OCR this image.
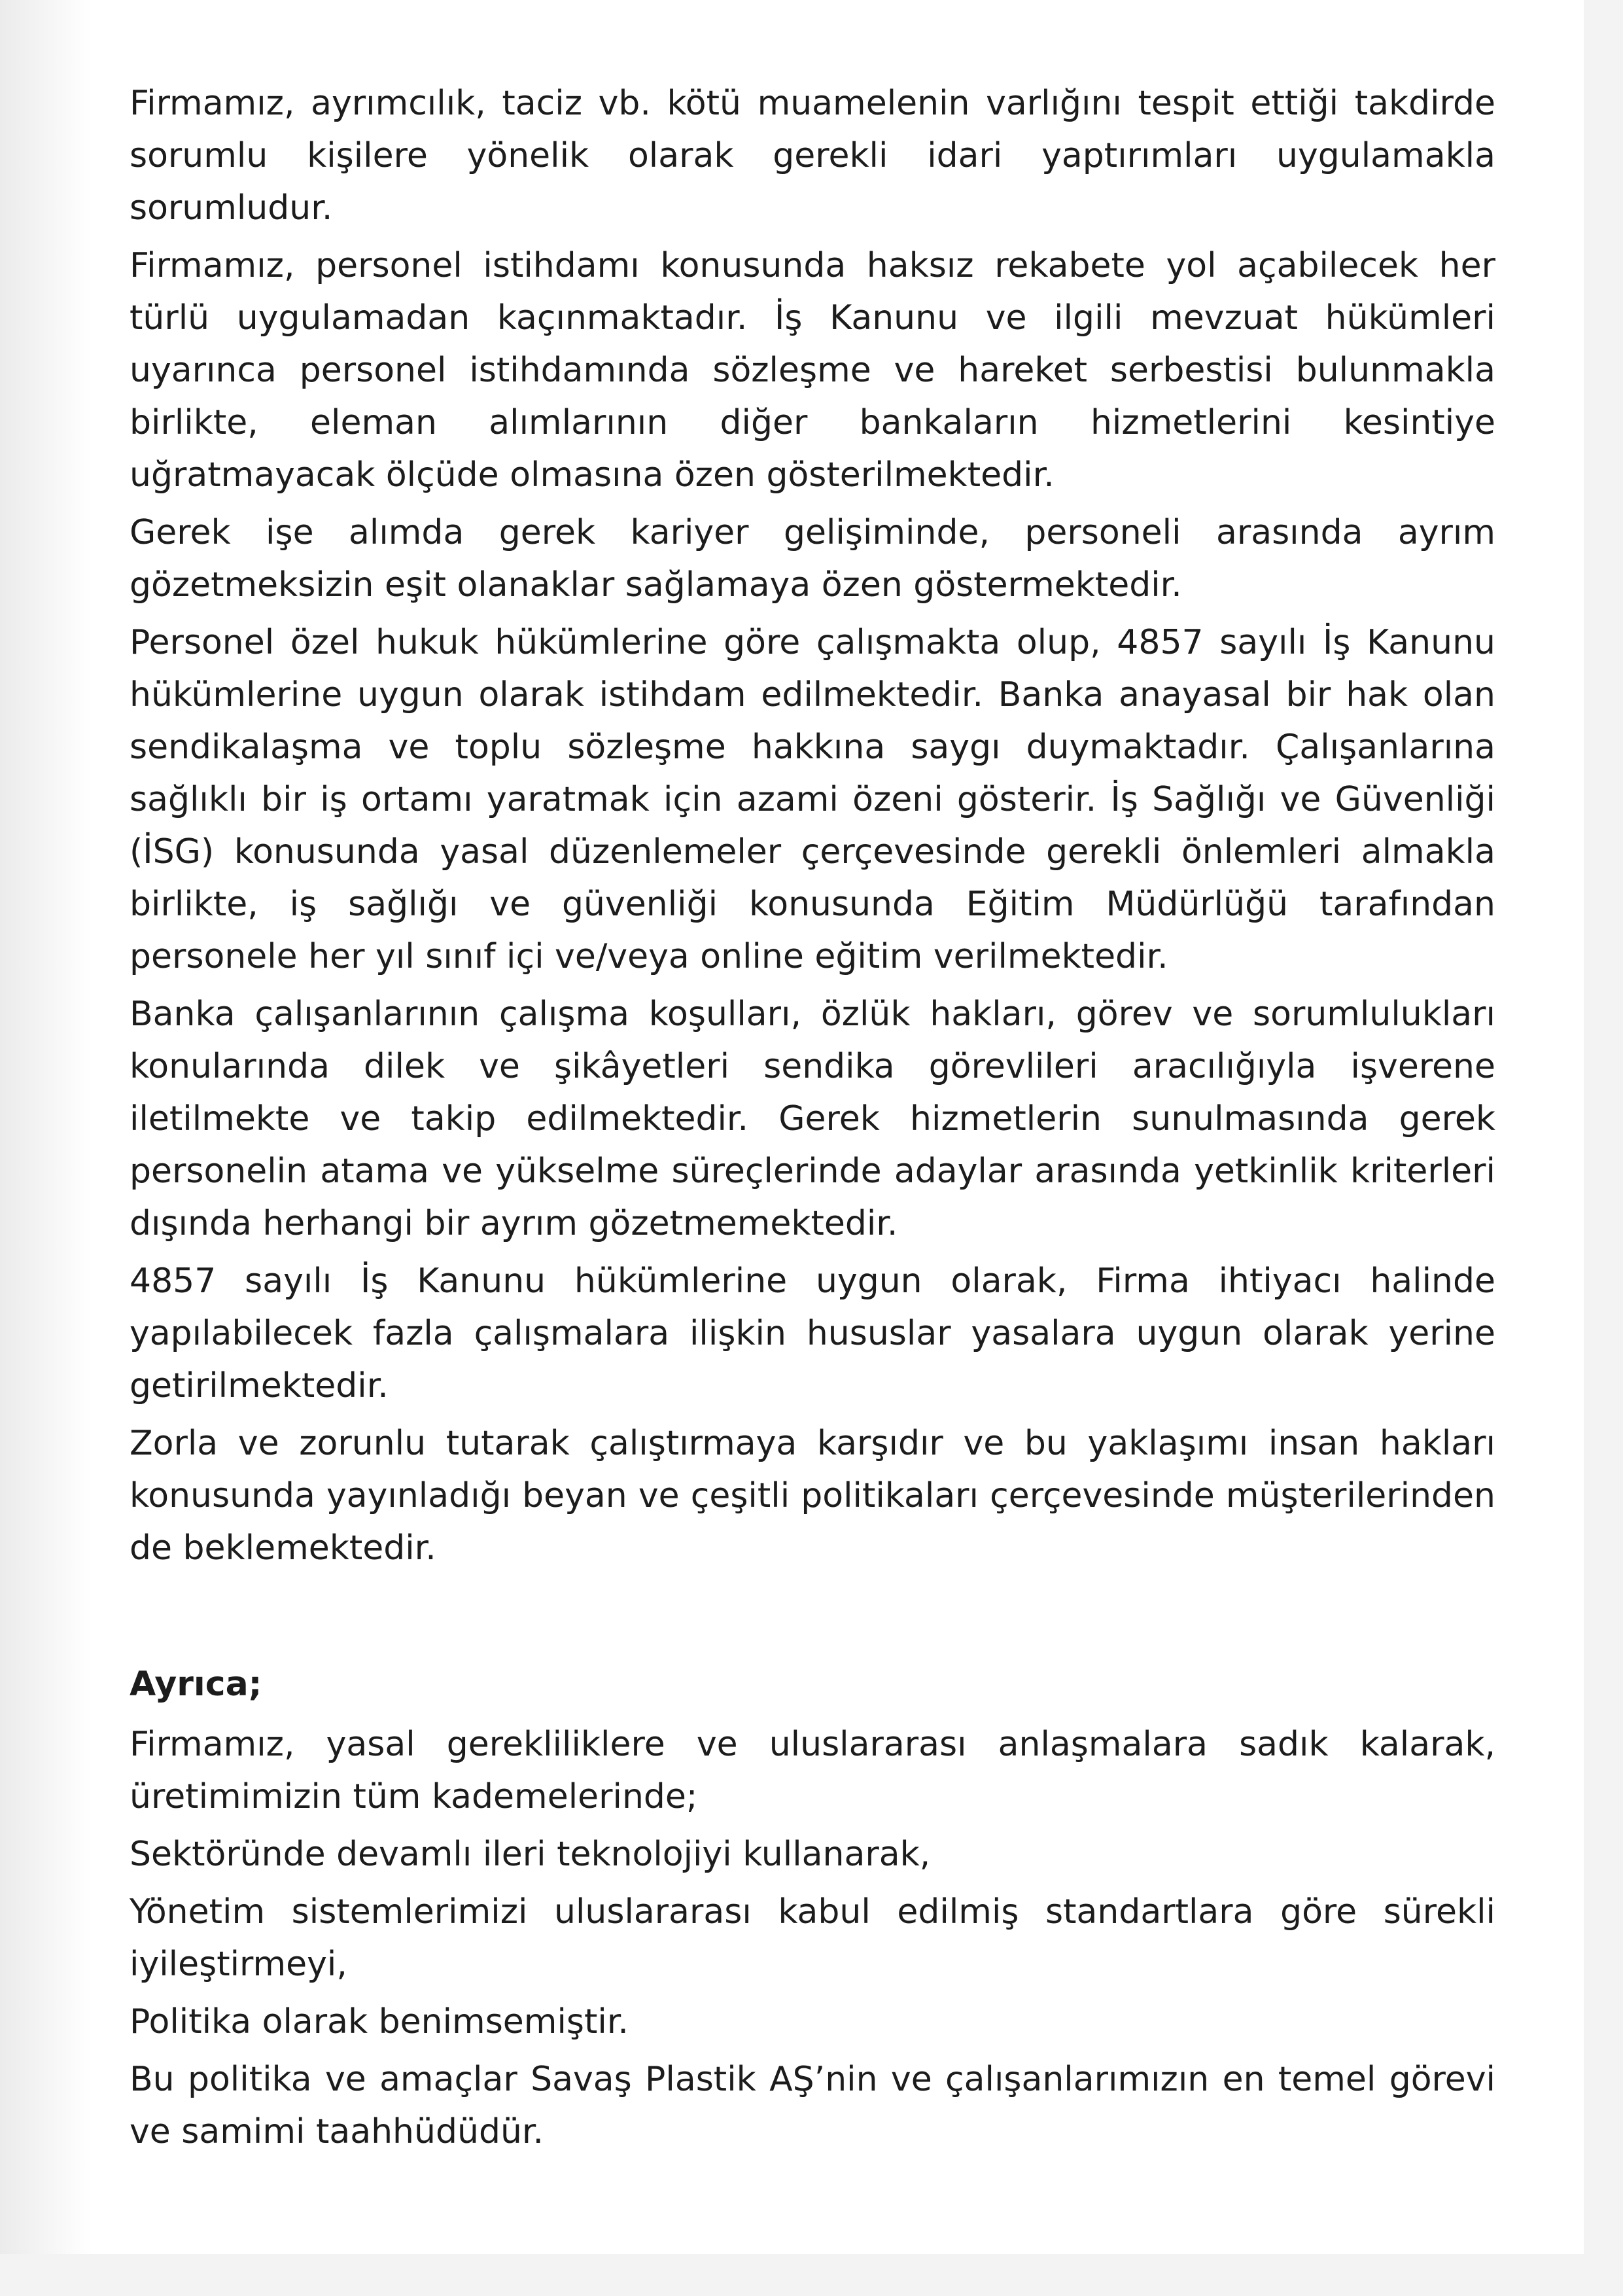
Firmamız, ayrımcılık, taciz vb. kötü muamelenin varlığını tespit ettiği takdirde sorumlu kişilere yönelik olarak gerekli idari yaptırımları uygulamakla sorumludur.

Firmamız, personel istihdamı konusunda haksız rekabete yol açabilecek her türlü uygulamadan kaçınmaktadır. İş Kanunu ve ilgili mevzuat hükümleri uyarınca personel istihdamında sözleşme ve hareket serbestisi bulunmakla birlikte, eleman alımlarının diğer bankaların hizmetlerini kesintiye uğratmayacak ölçüde olmasına özen gösterilmektedir.

Gerek işe alımda gerek kariyer gelişiminde, personeli arasında ayrım gözetmeksizin eşit olanaklar sağlamaya özen göstermektedir.

Personel özel hukuk hükümlerine göre çalışmakta olup, 4857 sayılı İş Kanunu hükümlerine uygun olarak istihdam edilmektedir. Banka anayasal bir hak olan sendikalaşma ve toplu sözleşme hakkına saygı duymaktadır. Çalışanlarına sağlıklı bir iş ortamı yaratmak için azami özeni gösterir. İş Sağlığı ve Güvenliği (İSG) konusunda yasal düzenlemeler çerçevesinde gerekli önlemleri almakla birlikte, iş sağlığı ve güvenliği konusunda Eğitim Müdürlüğü tarafından personele her yıl sınıf içi ve/veya online eğitim verilmektedir.

Banka çalışanlarının çalışma koşulları, özlük hakları, görev ve sorumlulukları konularında dilek ve şikâyetleri sendika görevlileri aracılığıyla işverene iletilmekte ve takip edilmektedir. Gerek hizmetlerin sunulmasında gerek personelin atama ve yükselme süreçlerinde adaylar arasında yetkinlik kriterleri dışında herhangi bir ayrım gözetmemektedir.

4857 sayılı İş Kanunu hükümlerine uygun olarak, Firma ihtiyacı halinde yapılabilecek fazla çalışmalara ilişkin hususlar yasalara uygun olarak yerine getirilmektedir.

Zorla ve zorunlu tutarak çalıştırmaya karşıdır ve bu yaklaşımı insan hakları konusunda yayınladığı beyan ve çeşitli politikaları çerçevesinde müşterilerinden de beklemektedir.

Ayrıca;

Firmamız, yasal gerekliliklere ve uluslararası anlaşmalara sadık kalarak, üretimimizin tüm kademelerinde;

Sektöründe devamlı ileri teknolojiyi kullanarak,

Yönetim sistemlerimizi uluslararası kabul edilmiş standartlara göre sürekli iyileştirmeyi,

Politika olarak benimsemiştir.

Bu politika ve amaçlar Savaş Plastik AŞ’nin ve çalışanlarımızın en temel görevi ve samimi taahhüdüdür.
